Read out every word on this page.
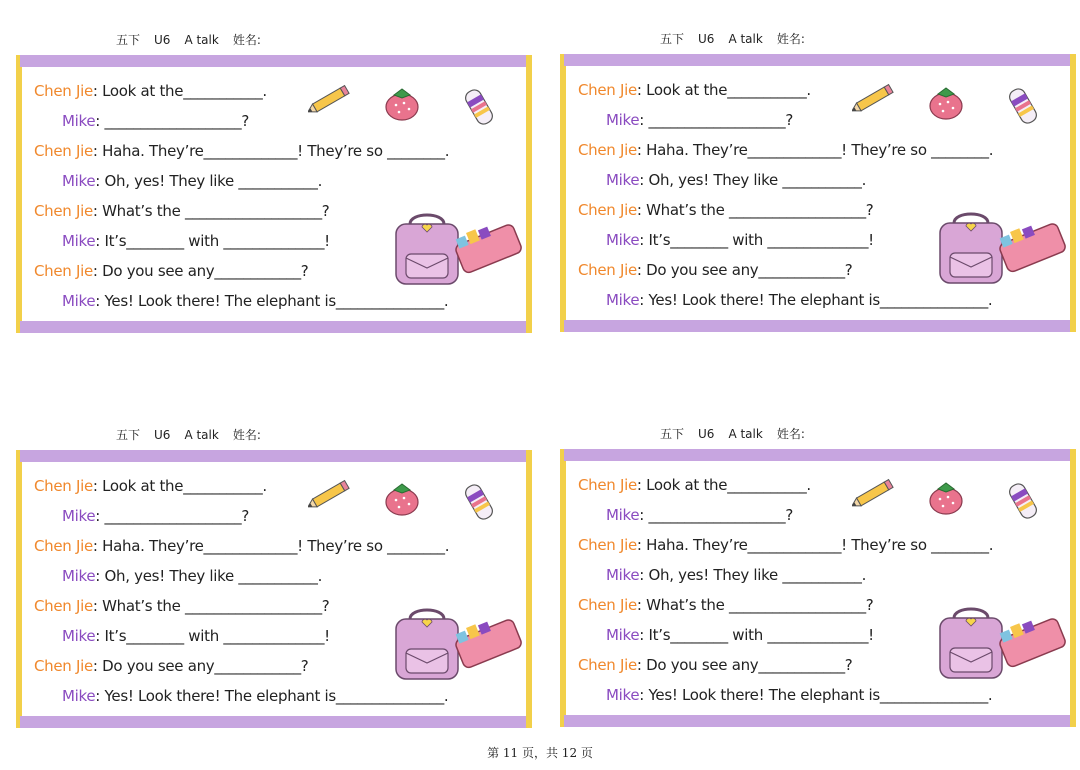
五下 U6 A talk 姓名:
Chen Jie: Look at the___________.
Mike: ___________________?
Chen Jie: Haha. They’re_____________! They’re so ________.
Mike: Oh, yes! They like ___________.
Chen Jie: What’s the ___________________?
Mike: It’s________ with ______________!
Chen Jie: Do you see any____________?
Mike: Yes! Look there! The elephant is_______________.
五下 U6 A talk 姓名:
Chen Jie: Look at the___________.
Mike: ___________________?
Chen Jie: Haha. They’re_____________! They’re so ________.
Mike: Oh, yes! They like ___________.
Chen Jie: What’s the ___________________?
Mike: It’s________ with ______________!
Chen Jie: Do you see any____________?
Mike: Yes! Look there! The elephant is_______________.
五下 U6 A talk 姓名:
Chen Jie: Look at the___________.
Mike: ___________________?
Chen Jie: Haha. They’re_____________! They’re so ________.
Mike: Oh, yes! They like ___________.
Chen Jie: What’s the ___________________?
Mike: It’s________ with ______________!
Chen Jie: Do you see any____________?
Mike: Yes! Look there! The elephant is_______________.
五下 U6 A talk 姓名:
Chen Jie: Look at the___________.
Mike: ___________________?
Chen Jie: Haha. They’re_____________! They’re so ________.
Mike: Oh, yes! They like ___________.
Chen Jie: What’s the ___________________?
Mike: It’s________ with ______________!
Chen Jie: Do you see any____________?
Mike: Yes! Look there! The elephant is_______________.
第 11 页，共 12 页
